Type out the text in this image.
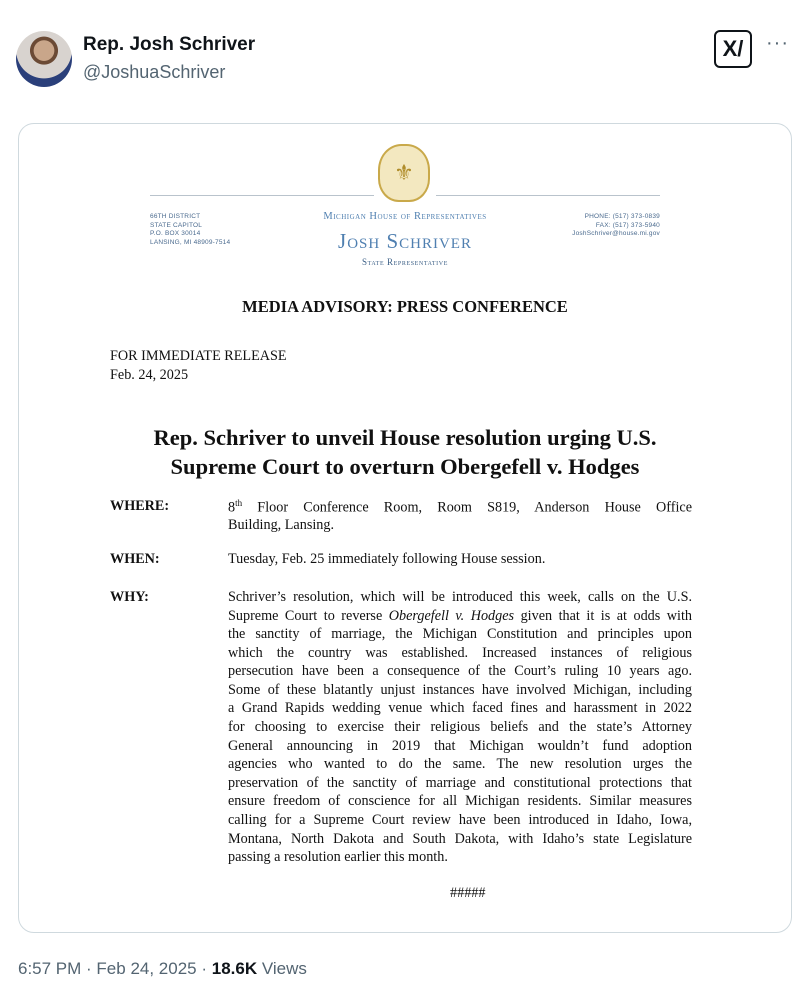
Rep. Josh Schriver
@JoshuaSchriver
X/	···
⚜
66TH DISTRICT
STATE CAPITOL
P.O. BOX 30014
LANSING, MI 48909-7514
Michigan House of Representatives
Josh Schriver
State Representative
PHONE: (517) 373-0839
FAX: (517) 373-5940
JoshSchriver@house.mi.gov
MEDIA ADVISORY: PRESS CONFERENCE
FOR IMMEDIATE RELEASE
Feb. 24, 2025
Rep. Schriver to unveil House resolution urging U.S.
Supreme Court to overturn Obergefell v. Hodges
WHERE:	8th Floor Conference Room, Room S819, Anderson House Office
Building, Lansing.
WHEN:	Tuesday, Feb. 25 immediately following House session.
WHY:	Schriver’s resolution, which will be introduced this week, calls on the U.S.
Supreme Court to reverse Obergefell v. Hodges given that it is at odds with
the sanctity of marriage, the Michigan Constitution and principles upon
which the country was established. Increased instances of religious
persecution have been a consequence of the Court’s ruling 10 years ago.
Some of these blatantly unjust instances have involved Michigan, including
a Grand Rapids wedding venue which faced fines and harassment in 2022
for choosing to exercise their religious beliefs and the state’s Attorney
General announcing in 2019 that Michigan wouldn’t fund adoption
agencies who wanted to do the same. The new resolution urges the
preservation of the sanctity of marriage and constitutional protections that
ensure freedom of conscience for all Michigan residents. Similar measures
calling for a Supreme Court review have been introduced in Idaho, Iowa,
Montana, North Dakota and South Dakota, with Idaho’s state Legislature
passing a resolution earlier this month.
#####
6:57 PM · Feb 24, 2025 · 18.6K Views
